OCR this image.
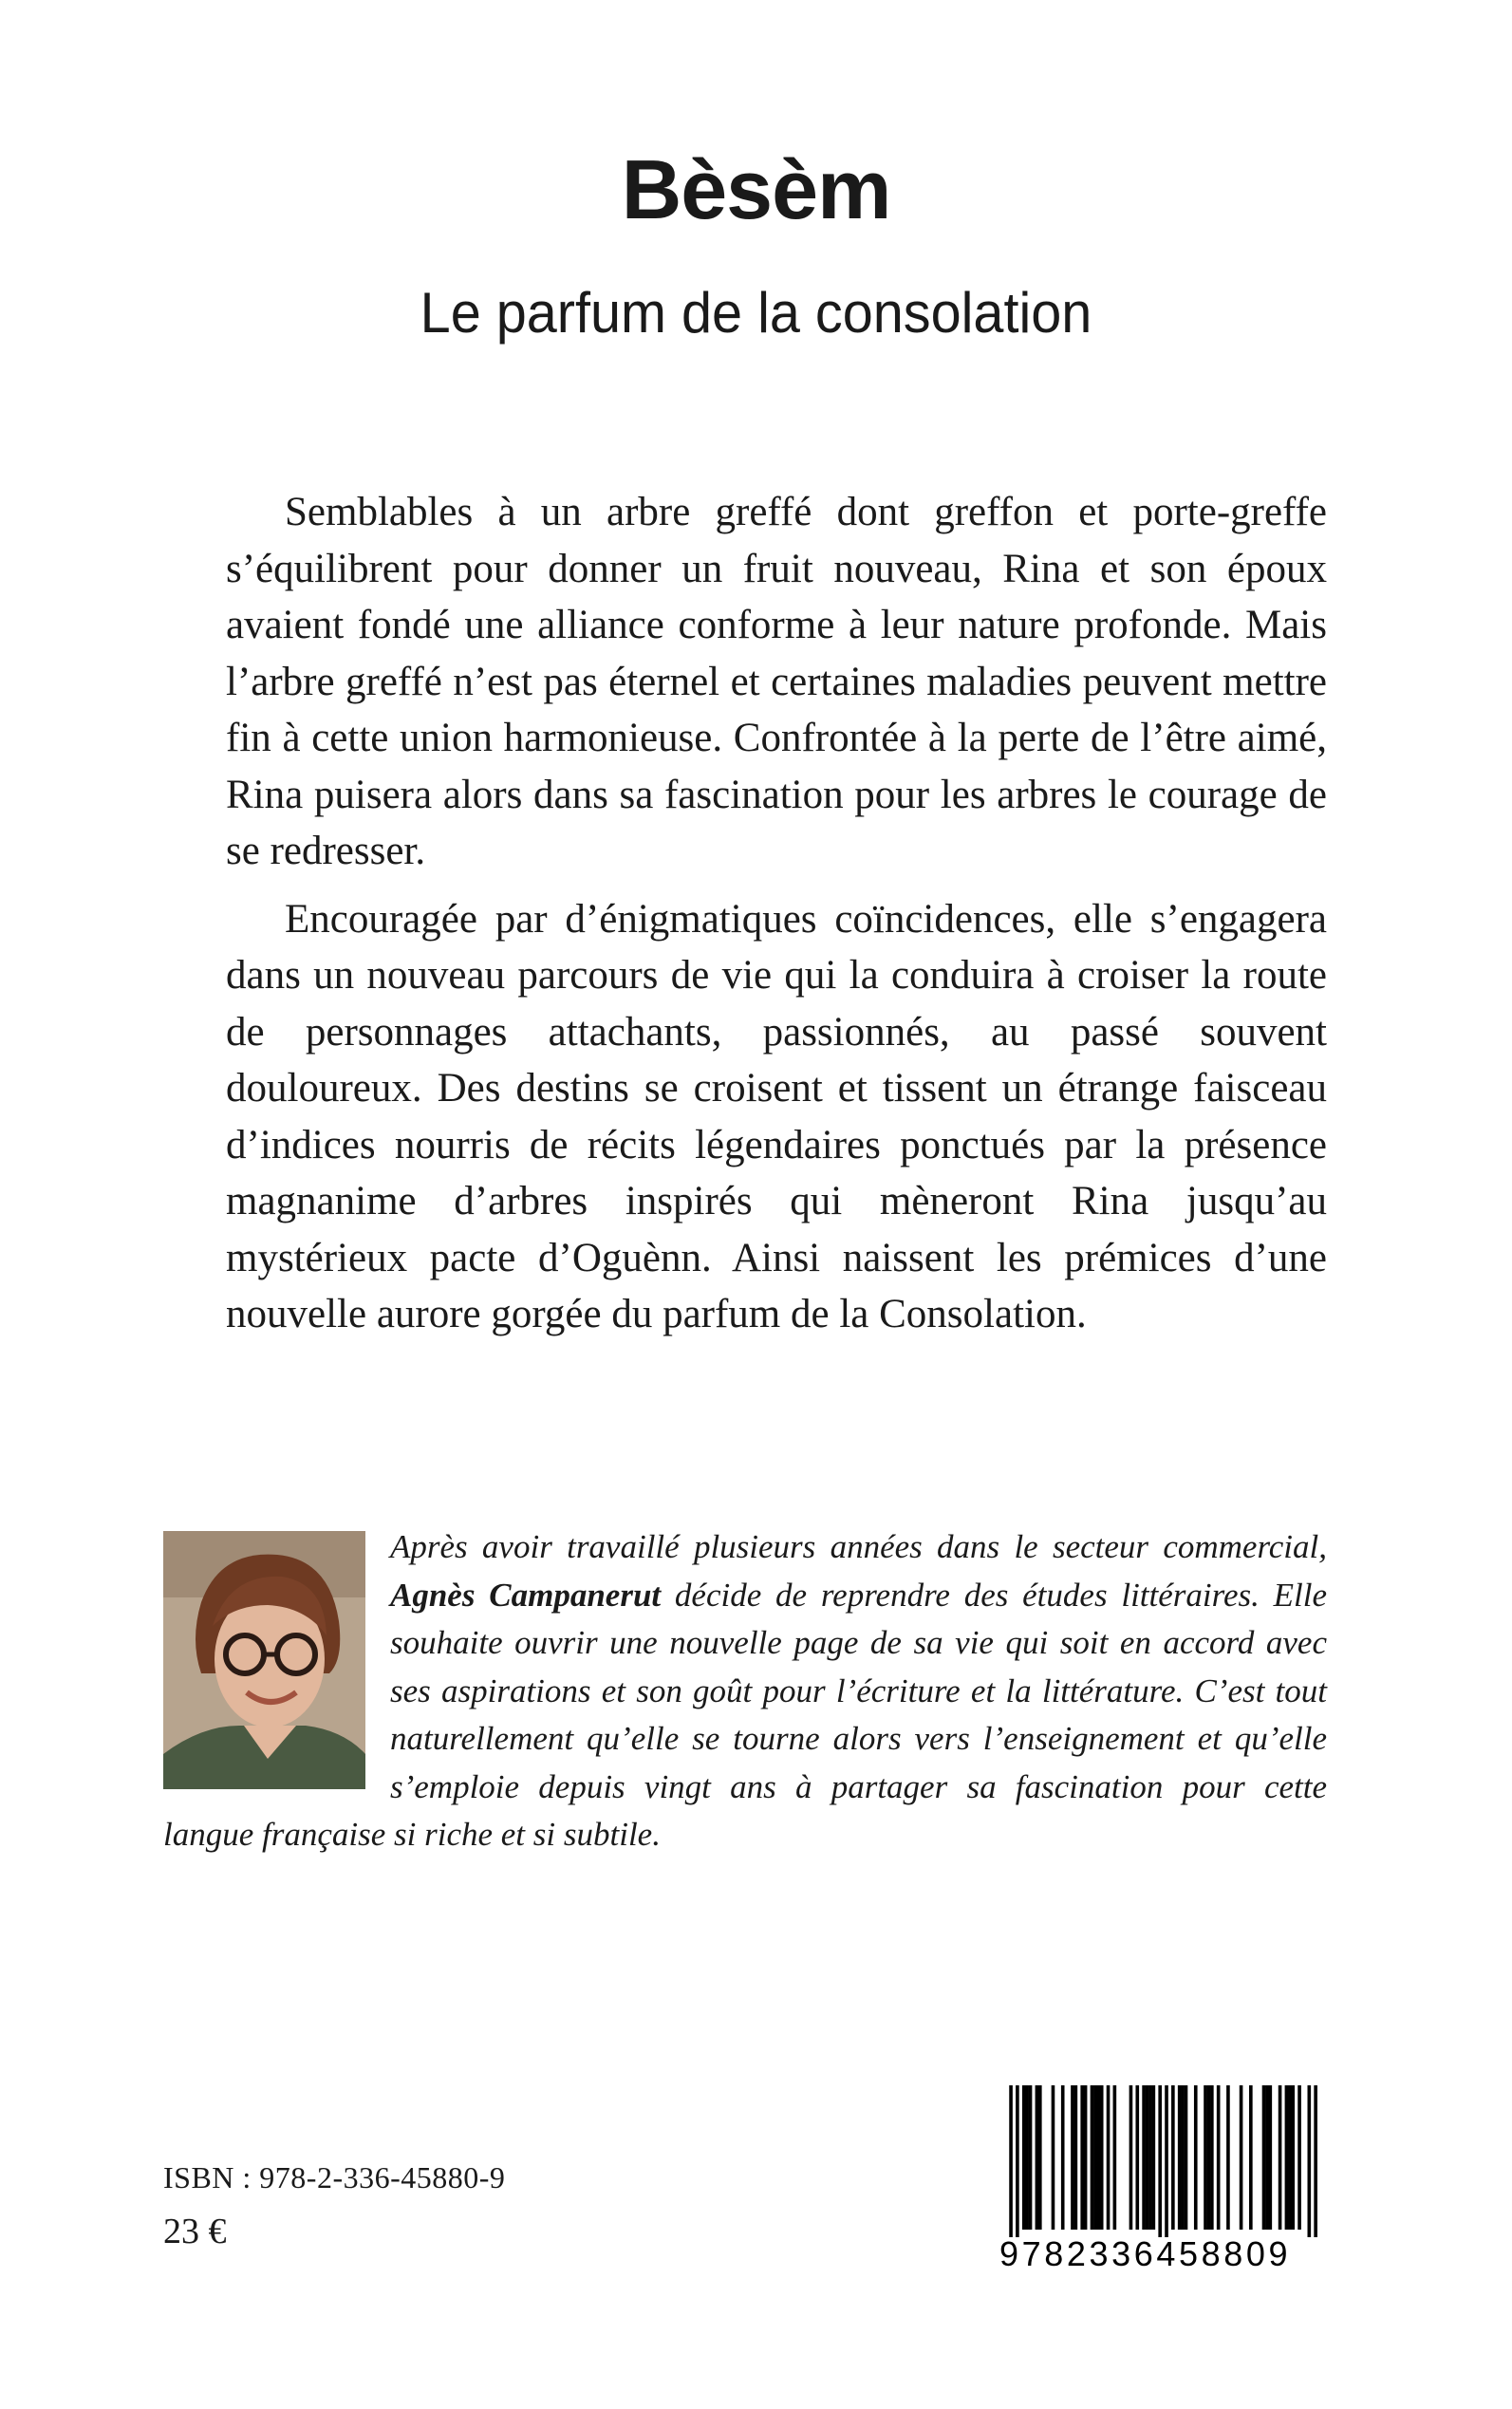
Bèsèm
Le parfum de la consolation

Semblables à un arbre greffé dont greffon et porte-greffe s’équilibrent pour donner un fruit nouveau, Rina et son époux avaient fondé une alliance conforme à leur nature profonde. Mais l’arbre greffé n’est pas éternel et certaines maladies peuvent mettre fin à cette union harmonieuse. Confrontée à la perte de l’être aimé, Rina puisera alors dans sa fascination pour les arbres le courage de se redresser.

Encouragée par d’énigmatiques coïncidences, elle s’engagera dans un nouveau parcours de vie qui la conduira à croiser la route de personnages attachants, passionnés, au passé souvent douloureux. Des destins se croisent et tissent un étrange faisceau d’indices nourris de récits légendaires ponctués par la présence magnanime d’arbres inspirés qui mèneront Rina jusqu’au mystérieux pacte d’Oguènn. Ainsi naissent les prémices d’une nouvelle aurore gorgée du parfum de la Consolation.

Après avoir travaillé plusieurs années dans le secteur commercial, Agnès Campanerut décide de reprendre des études littéraires. Elle souhaite ouvrir une nouvelle page de sa vie qui soit en accord avec ses aspirations et son goût pour l’écriture et la littérature. C’est tout naturellement qu’elle se tourne alors vers l’enseignement et qu’elle s’emploie depuis vingt ans à partager sa fascination pour cette langue française si riche et si subtile.

ISBN : 978-2-336-45880-9

23 €

9782336458809
